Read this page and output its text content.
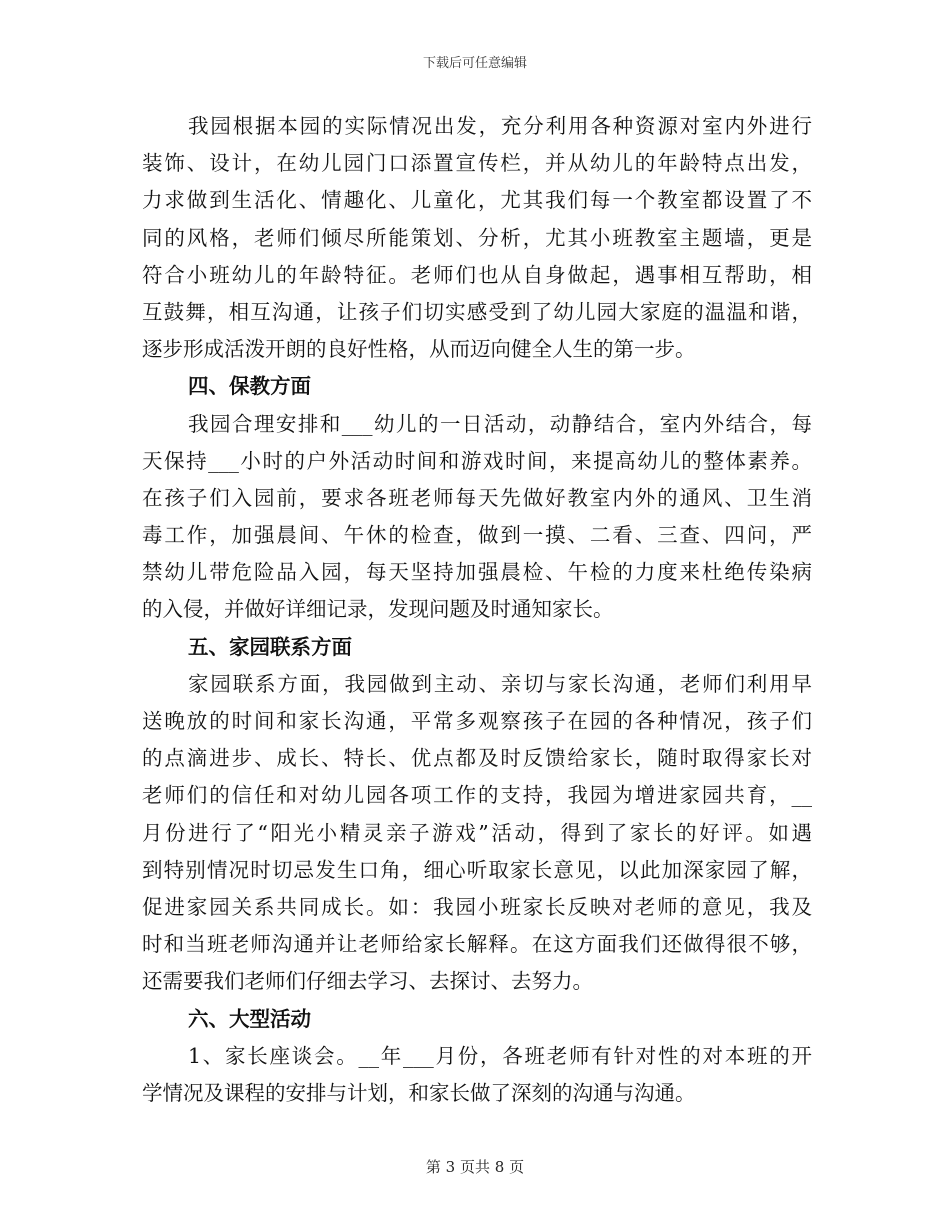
下载后可任意编辑
我园根据本园的实际情况出发，充分利用各种资源对室内外进行
装饰、设计，在幼儿园门口添置宣传栏，并从幼儿的年龄特点出发，
力求做到生活化、情趣化、儿童化，尤其我们每一个教室都设置了不
同的风格，老师们倾尽所能策划、分析，尤其小班教室主题墙，更是
符合小班幼儿的年龄特征。老师们也从自身做起，遇事相互帮助，相
互鼓舞，相互沟通，让孩子们切实感受到了幼儿园大家庭的温温和谐，
逐步形成活泼开朗的良好性格，从而迈向健全人生的第一步。
四、保教方面
我园合理安排和___幼儿的一日活动，动静结合，室内外结合，每
天保持___小时的户外活动时间和游戏时间，来提高幼儿的整体素养。
在孩子们入园前，要求各班老师每天先做好教室内外的通风、卫生消
毒工作，加强晨间、午休的检查，做到一摸、二看、三查、四问，严
禁幼儿带危险品入园，每天坚持加强晨检、午检的力度来杜绝传染病
的入侵，并做好详细记录，发现问题及时通知家长。
五、家园联系方面
家园联系方面，我园做到主动、亲切与家长沟通，老师们利用早
送晚放的时间和家长沟通，平常多观察孩子在园的各种情况，孩子们
的点滴进步、成长、特长、优点都及时反馈给家长，随时取得家长对
老师们的信任和对幼儿园各项工作的支持，我园为增进家园共育，__
月份进行了“阳光小精灵亲子游戏”活动，得到了家长的好评。如遇
到特别情况时切忌发生口角，细心听取家长意见，以此加深家园了解，
促进家园关系共同成长。如：我园小班家长反映对老师的意见，我及
时和当班老师沟通并让老师给家长解释。在这方面我们还做得很不够，
还需要我们老师们仔细去学习、去探讨、去努力。
六、大型活动
1、家长座谈会。__年___月份，各班老师有针对性的对本班的开
学情况及课程的安排与计划，和家长做了深刻的沟通与沟通。
第 3 页共 8 页
